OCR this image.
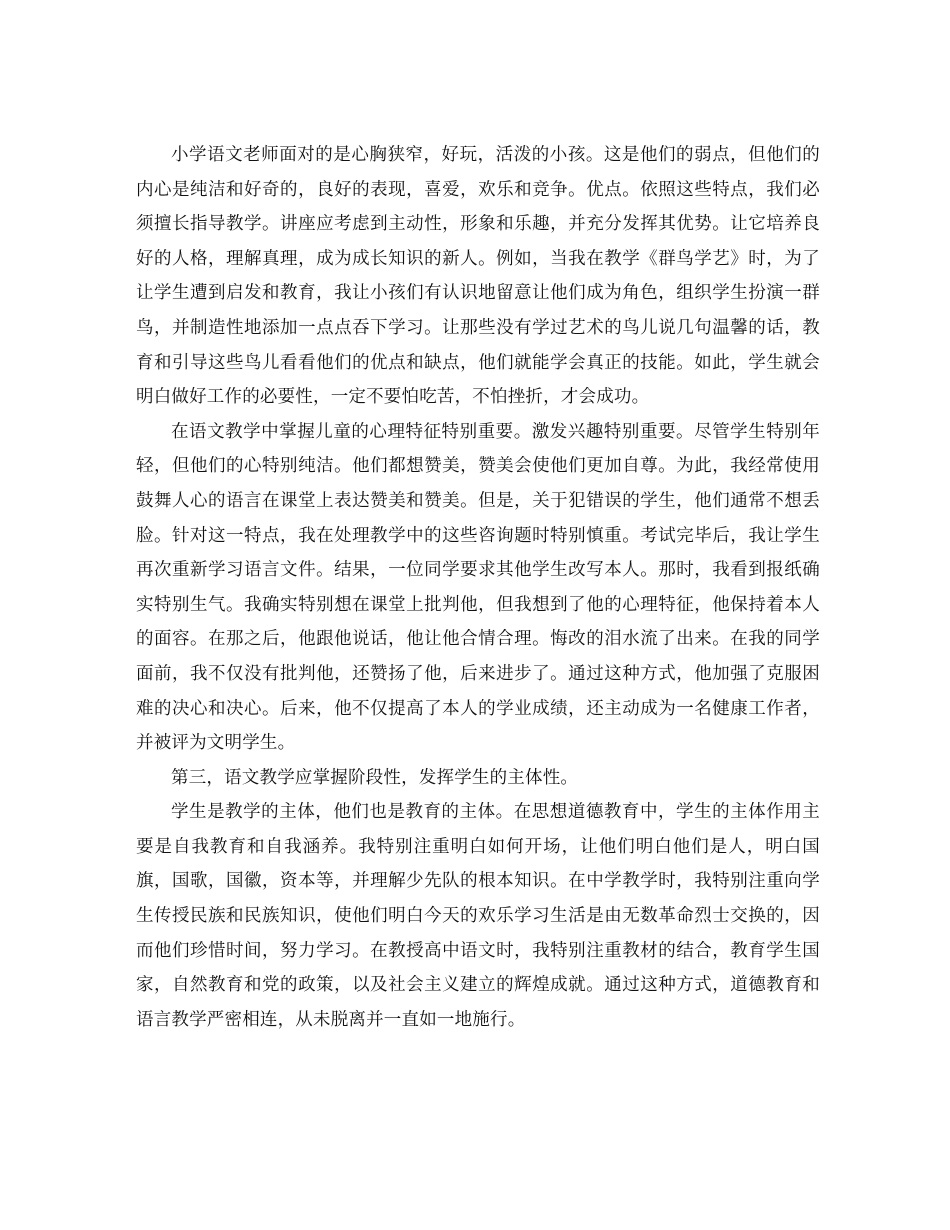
小学语文老师面对的是心胸狭窄，好玩，活泼的小孩。这是他们的弱点，但他们的内心是纯洁和好奇的，良好的表现，喜爱，欢乐和竞争。优点。依照这些特点，我们必须擅长指导教学。讲座应考虑到主动性，形象和乐趣，并充分发挥其优势。让它培养良好的人格，理解真理，成为成长知识的新人。例如，当我在教学《群鸟学艺》时，为了让学生遭到启发和教育，我让小孩们有认识地留意让他们成为角色，组织学生扮演一群鸟，并制造性地添加一点点吞下学习。让那些没有学过艺术的鸟儿说几句温馨的话，教育和引导这些鸟儿看看他们的优点和缺点，他们就能学会真正的技能。如此，学生就会明白做好工作的必要性，一定不要怕吃苦，不怕挫折，才会成功。

在语文教学中掌握儿童的心理特征特别重要。激发兴趣特别重要。尽管学生特别年轻，但他们的心特别纯洁。他们都想赞美，赞美会使他们更加自尊。为此，我经常使用鼓舞人心的语言在课堂上表达赞美和赞美。但是，关于犯错误的学生，他们通常不想丢脸。针对这一特点，我在处理教学中的这些咨询题时特别慎重。考试完毕后，我让学生再次重新学习语言文件。结果，一位同学要求其他学生改写本人。那时，我看到报纸确实特别生气。我确实特别想在课堂上批判他，但我想到了他的心理特征，他保持着本人的面容。在那之后，他跟他说话，他让他合情合理。悔改的泪水流了出来。在我的同学面前，我不仅没有批判他，还赞扬了他，后来进步了。通过这种方式，他加强了克服困难的决心和决心。后来，他不仅提高了本人的学业成绩，还主动成为一名健康工作者，并被评为文明学生。

第三，语文教学应掌握阶段性，发挥学生的主体性。

学生是教学的主体，他们也是教育的主体。在思想道德教育中，学生的主体作用主要是自我教育和自我涵养。我特别注重明白如何开场，让他们明白他们是人，明白国旗，国歌，国徽，资本等，并理解少先队的根本知识。在中学教学时，我特别注重向学生传授民族和民族知识，使他们明白今天的欢乐学习生活是由无数革命烈士交换的，因而他们珍惜时间，努力学习。在教授高中语文时，我特别注重教材的结合，教育学生国家，自然教育和党的政策，以及社会主义建立的辉煌成就。通过这种方式，道德教育和语言教学严密相连，从未脱离并一直如一地施行。
